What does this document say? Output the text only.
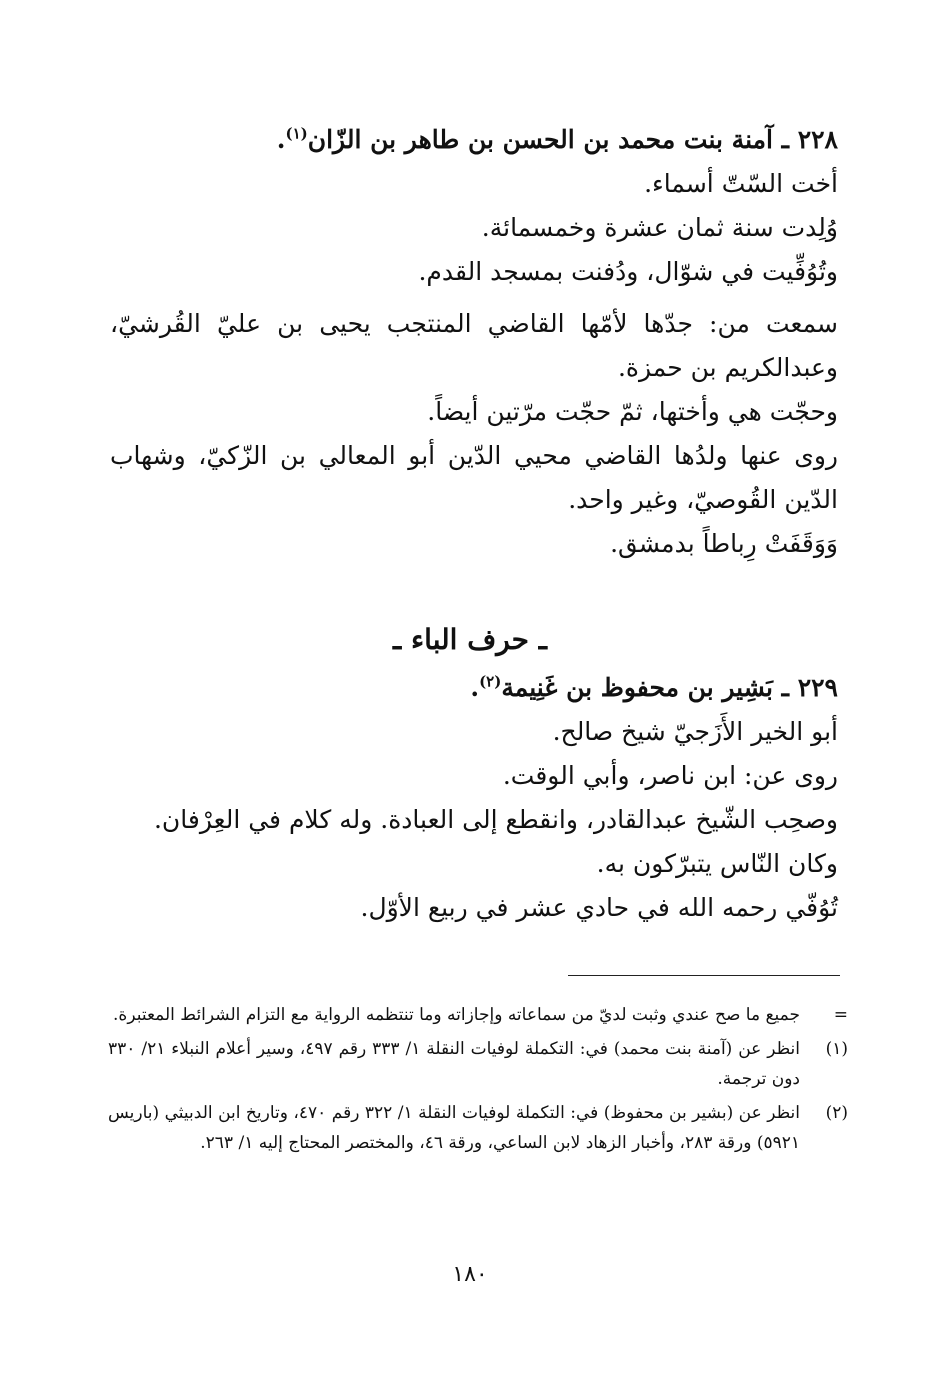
٢٢٨ ـ آمنة بنت محمد بن الحسن بن طاهر بن الزّان$^{(١)}$.
أخت السّتّ أسماء.
وُلِدت سنة ثمان عشرة وخمسمائة.
وتُوُفِّيت في شوّال، ودُفنت بمسجد القدم.
سمعت من: جدّها لأمّها القاضي المنتجب يحيى بن عليّ القُرشيّ، وعبدالكريم بن حمزة.
وحجّت هي وأختها، ثمّ حجّت مرّتين أيضاً.
روى عنها ولدُها القاضي محيي الدّين أبو المعالي بن الزّكيّ، وشهاب الدّين القُوصيّ، وغير واحد.
وَوَقَفَتْ رِباطاً بدمشق.
ـ حرف الباء ـ
٢٢٩ ـ بَشِير بن محفوظ بن غَنِيمة$^{(٢)}$.
أبو الخير الأَزَجيّ شيخ صالح.
روى عن: ابن ناصر، وأبي الوقت.
وصحِب الشّيخ عبدالقادر، وانقطع إلى العبادة. وله كلام في العِرْفان.
وكان النّاس يتبرّكون به.
تُوُفّي رحمه الله في حادي عشر في ربيع الأوّل.
=
جميع ما صح عندي وثبت لديّ من سماعاته وإجازاته وما تنتظمه الرواية مع التزام الشرائط المعتبرة.
(١)
انظر عن (آمنة بنت محمد) في: التكملة لوفيات النقلة ١/ ٣٣٣ رقم ٤٩٧، وسير أعلام النبلاء ٢١/ ٣٣٠ دون ترجمة.
(٢)
انظر عن (بشير بن محفوظ) في: التكملة لوفيات النقلة ١/ ٣٢٢ رقم ٤٧٠، وتاريخ ابن الدبيثي (باريس ٥٩٢١) ورقة ٢٨٣، وأخبار الزهاد لابن الساعي، ورقة ٤٦، والمختصر المحتاج إليه ١/ ٢٦٣.
١٨٠
